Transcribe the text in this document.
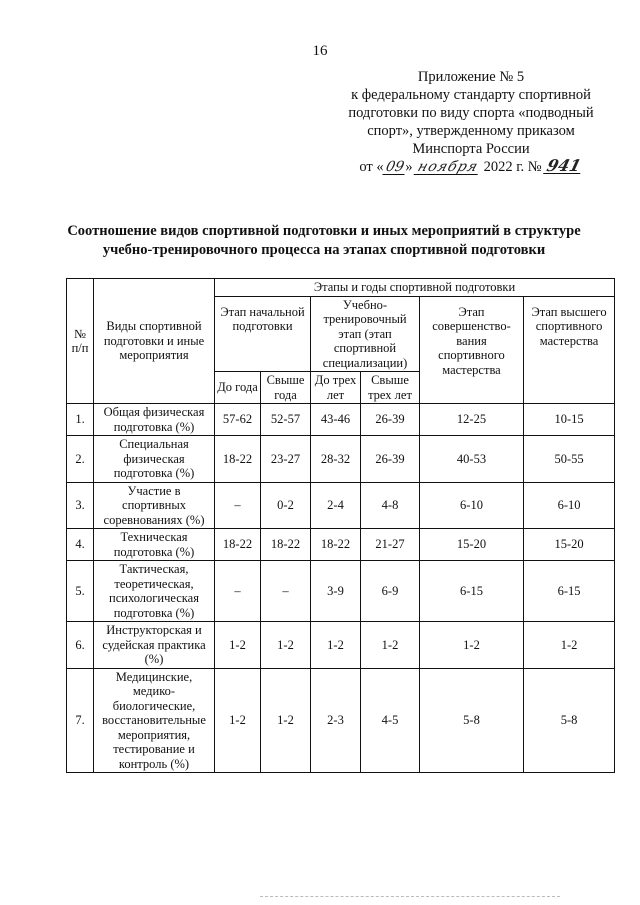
16
Приложение № 5
к федеральному стандарту спортивной
подготовки по виду спорта «подводный
спорт», утвержденному приказом
Минспорта России
от «09» ноября 2022 г. № 941
Соотношение видов спортивной подготовки и иных мероприятий в структуре
учебно-тренировочного процесса на этапах спортивной подготовки
№ п/п	Виды спортивной подготовки и иные мероприятия	Этапы и годы спортивной подготовки					
		Этап начальной подготовки		Учебно-тренировочный этап (этап спортивной специализации)		Этап совершенство-вания спортивного мастерства	Этап высшего спортивного мастерства
		До года	Свыше года	До трех лет	Свыше трех лет		
1.	Общая физическая подготовка (%)	57-62	52-57	43-46	26-39	12-25	10-15
2.	Специальная физическая подготовка (%)	18-22	23-27	28-32	26-39	40-53	50-55
3.	Участие в спортивных соревнованиях (%)	–	0-2	2-4	4-8	6-10	6-10
4.	Техническая подготовка (%)	18-22	18-22	18-22	21-27	15-20	15-20
5.	Тактическая, теоретическая, психологическая подготовка (%)	–	–	3-9	6-9	6-15	6-15
6.	Инструкторская и судейская практика (%)	1-2	1-2	1-2	1-2	1-2	1-2
7.	Медицинские, медико-биологические, восстановительные мероприятия, тестирование и контроль (%)	1-2	1-2	2-3	4-5	5-8	5-8
